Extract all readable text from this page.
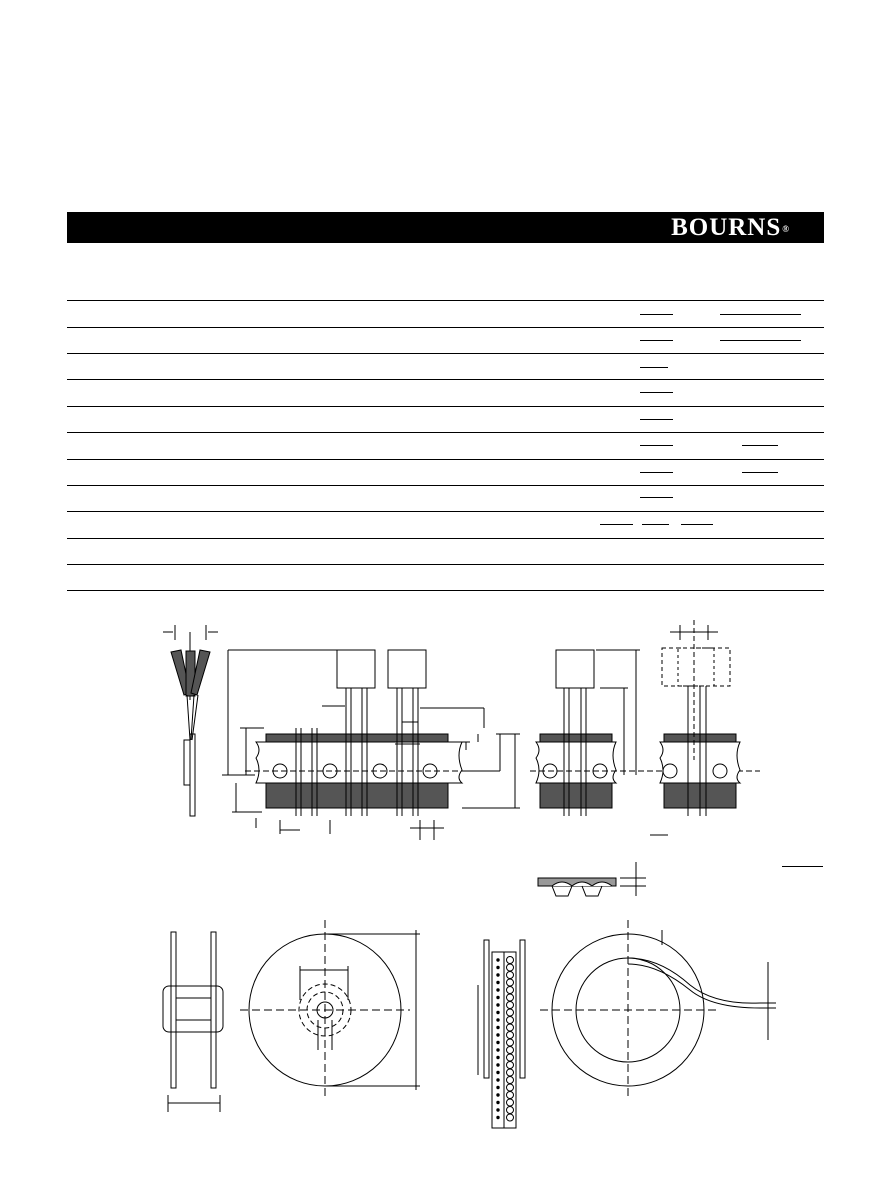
BOURNS®
